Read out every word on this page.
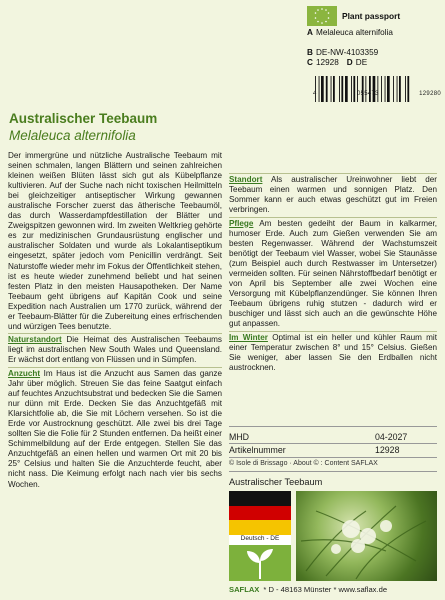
Plant passport
A Melaleuca alternifolia
B DE-NW-4103359
C 12928 D DE
4	055473	129280
Australischer Teebaum
Melaleuca alternifolia

Der immergrüne und nützliche Australische Teebaum mit seinen schmalen, langen Blättern und seinen zahlreichen kleinen weißen Blüten lässt sich gut als Kübelpflanze kultivieren. Auf der Suche nach nicht toxischen Heilmitteln bei gleichzeitiger antiseptischer Wirkung gewannen australische Forscher zuerst das ätherische Teebaumöl, das durch Wasserdampfdestillation der Blätter und Zweigspitzen gewonnen wird. Im zweiten Weltkrieg gehörte es zur medizinischen Grundausrüstung englischer und australischer Soldaten und wurde als Lokalantiseptikum eingesetzt, später jedoch vom Penicillin verdrängt. Seit Naturstoffe wieder mehr im Fokus der Öffentlichkeit stehen, ist es heute wieder zunehmend beliebt und hat seinen festen Platz in den meisten Hausapotheken. Der Name Teebaum geht übrigens auf Kapitän Cook und seine Expedition nach Australien um 1770 zurück, während der er Teebaum-Blätter für die Zubereitung eines erfrischenden und würzigen Tees benutzte.

Naturstandort Die Heimat des Australischen Teebaums liegt im australischen New South Wales und Queensland. Er wächst dort entlang von Flüssen und in Sümpfen.

Anzucht Im Haus ist die Anzucht aus Samen das ganze Jahr über möglich. Streuen Sie das feine Saatgut einfach auf feuchtes Anzuchtsubstrat und bedecken Sie die Samen nur dünn mit Erde. Decken Sie das Anzuchtgefäß mit Klarsichtfolie ab, die Sie mit Löchern versehen. So ist die Erde vor Austrocknung geschützt. Alle zwei bis drei Tage sollten Sie die Folie für 2 Stunden entfernen. Da heißt einer Schimmelbildung auf der Erde entgegen. Stellen Sie das Anzuchtgefäß an einen hellen und warmen Ort mit 20 bis 25° Celsius und halten Sie die Anzuchterde feucht, aber nicht nass. Die Keimung erfolgt nach nach vier bis sechs Wochen.

Standort Als australischer Ureinwohner liebt der Teebaum einen warmen und sonnigen Platz. Den Sommer kann er auch etwas geschützt gut im Freien verbringen.

Pflege Am besten gedeiht der Baum in kalkarmer, humoser Erde. Auch zum Gießen verwenden Sie am besten Regenwasser. Während der Wachstumszeit benötigt der Teebaum viel Wasser, wobei Sie Staunässe (zum Beispiel auch durch Restwasser im Untersetzer) vermeiden sollten. Für seinen Nährstoffbedarf benötigt er von April bis September alle zwei Wochen eine Versorgung mit Kübelpflanzendünger. Sie können Ihren Teebaum übrigens ruhig stutzen - dadurch wird er buschiger und lässt sich auch an die gewünschte Höhe gut anpassen.

Im Winter Optimal ist ein heller und kühler Raum mit einer Temperatur zwischen 8° und 15° Celsius. Gießen Sie weniger, aber lassen Sie den Erdballen nicht austrocknen.

MHD	04-2027
Artikelnummer	12928
© Isole di Brissago · About © : Content SAFLAX
Australischer Teebaum
Deutsch - DE
SAFLAX * D - 48163 Münster * www.saflax.de
